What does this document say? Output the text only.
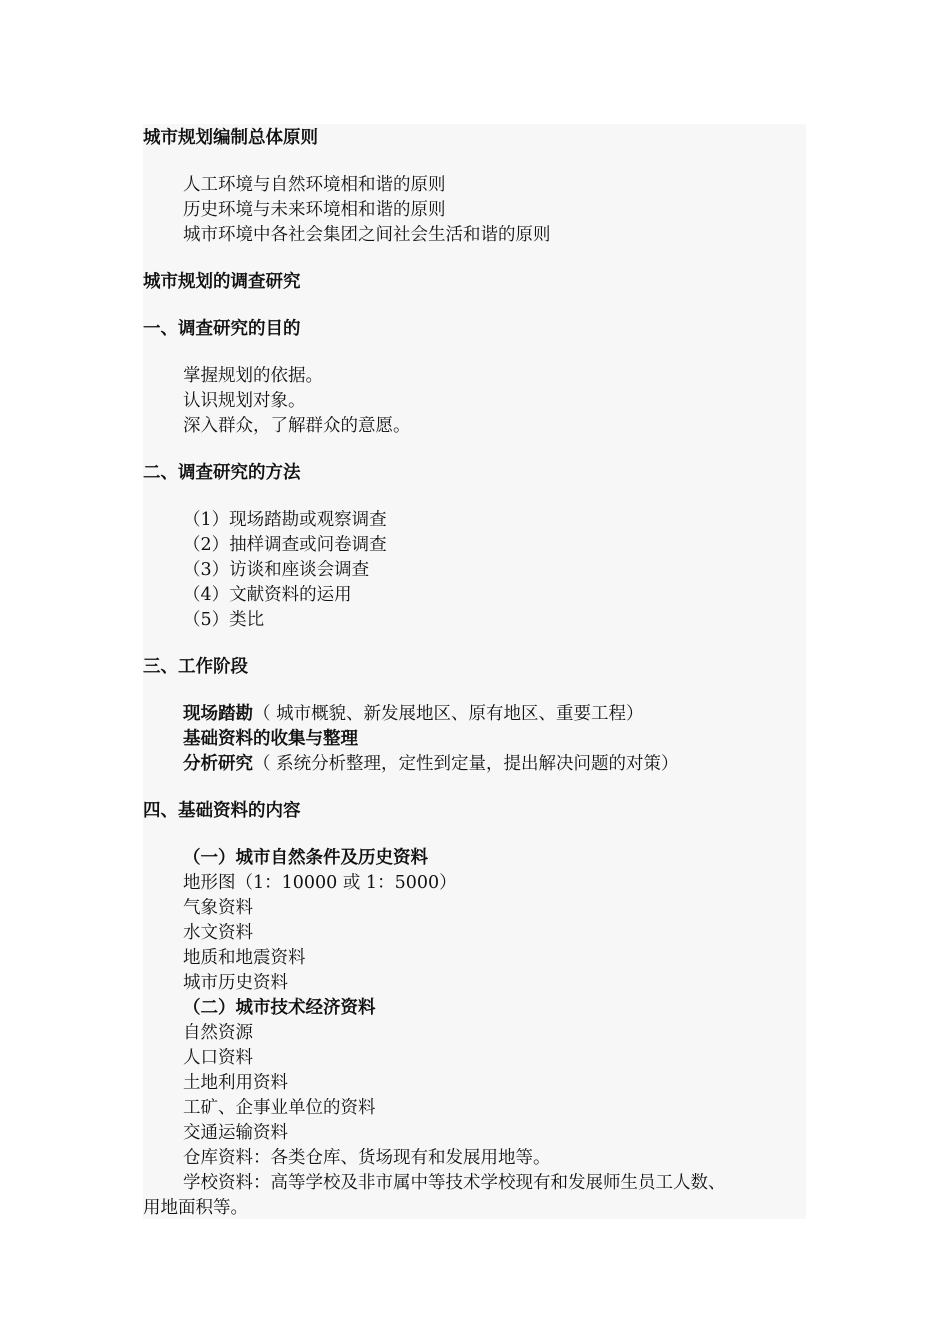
城市规划编制总体原则
人工环境与自然环境相和谐的原则
历史环境与未来环境相和谐的原则
城市环境中各社会集团之间社会生活和谐的原则
城市规划的调查研究
一、调查研究的目的
掌握规划的依据。
认识规划对象。
深入群众，了解群众的意愿。
二、调查研究的方法
（1）现场踏勘或观察调查
（2）抽样调查或问卷调查
（3）访谈和座谈会调查
（4）文献资料的运用
（5）类比
三、工作阶段
现场踏勘（ 城市概貌、新发展地区、原有地区、重要工程）
基础资料的收集与整理
分析研究（ 系统分析整理，定性到定量，提出解决问题的对策）
四、基础资料的内容
（一）城市自然条件及历史资料
地形图（1：10000 或 1：5000）
气象资料
水文资料
地质和地震资料
城市历史资料
（二）城市技术经济资料
自然资源
人口资料
土地利用资料
工矿、企事业单位的资料
交通运输资料
仓库资料：各类仓库、货场现有和发展用地等。
学校资料：高等学校及非市属中等技术学校现有和发展师生员工人数、
用地面积等。
